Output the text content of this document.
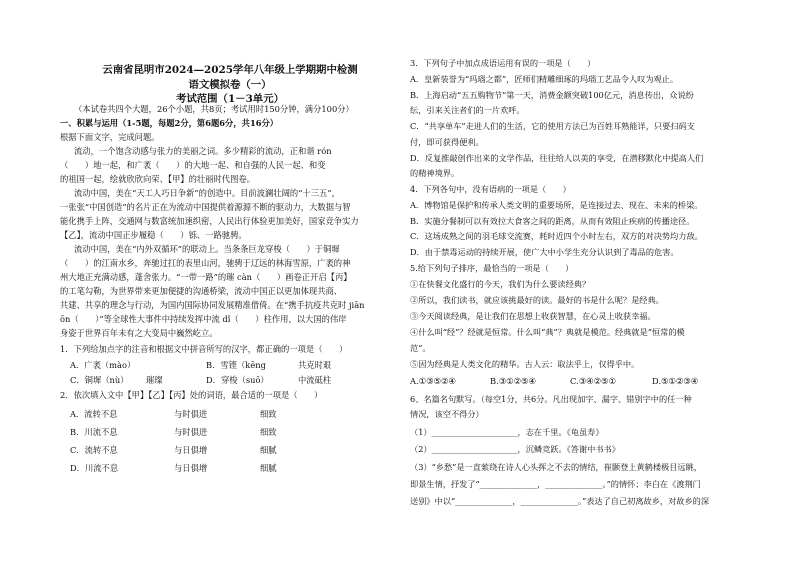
云南省昆明市2024—2025学年八年级上学期期中检测
语文模拟卷（一）
考试范围（1－3单元）
（本试卷共四个大题，26个小题，共8页；考试用时150分钟，满分100分）
一、积累与运用（1-5题，每题2分，第6题6分，共16分）
根据下面文字，完成问题。
流动，一个饱含动感与张力的美丽之词。多少精彩的流动，正和谐 rón
（　　）地一起，和广袤（　　）的大地一起、和自强的人民一起、和变
的祖国一起，绘就欣欣向荣、【甲】的壮丽时代图卷。
流动中国，美在“天工人巧日争新”的创造中。目前波澜壮阔的“十三五”，
一张张“中国创造”的名片正在为流动中国提供着源源不断的驱动力，大数据与智
能化携手上阵，交通网与数富统加速织密，人民出行体验更加美好，国家竞争实力
【乙】，流动中国正步履稳（　　）铄、一路驰骋。
流动中国，美在“内外双循环”的联动上。当条条巨龙穿梭（　　）于铜墀
（　　）的江南水乡，奔驰过扛的表里山河，驰骋于辽远的林海雪原，广袤的神
州大地正充满动感，蓬舍张力。“一带一路”的璀 càn（　　）画卷正开启【丙】
的工笔勾勒，为世界带来更加便捷的沟通桥梁，流动中国正以更加体现共商、
共建、共享的理念与行动，为国内国际协同发展精准借倚。在“携手抗疫共克时 jiān
ōn（　　）”等全球性大事件中持续发挥中流 dǐ（　　）柱作用，以大国的伟岸
身姿于世界百年未有之大变局中巍然屹立。
1．下列给加点字的注音和根据文中拼音所写的汉字，都正确的一项是（　　）
A．广袤（mào）	B．雪铿（kēng	共克时艰
C．铜墀（nù） 璀璨	D．穿梭（suō）	中流砥柱
2．依次填入文中【甲】【乙】【丙】处的词语，最合适的一项是（　　）
A．流转不息	与时俱进	细致
B．川流不息	与时俱进	细致
C．流转不息	与日俱增	细腻
D．川流不息	与日俱增	细腻
3．下列句子中加点成语运用有误的一项是（　　）
A．皇新装誉为“玛瑙之都”，匠师们精雕细琢的玛瑙工艺品令人叹为观止。
B．上海启动“五五购物节”第一天，消费金额突破100亿元，消息传出，众说纷
纭，引来关注者们的一片欢呼。
C．“共享单车”走进人们的生活，它的使用方法已为百姓耳熟能详，只要扫码支
付，即可获得便利。
D．反复推敲创作出来的文学作品，往往给人以美的享受，在潜移默化中提高人们
的精神境界。
4．下列各句中，没有语病的一项是（　　）
A．博物馆是保护和传承人类文明的重要场所，是连接过去、现在、未来的桥梁。
B．实施分餐制可以有效拉大食客之间的距离，从而有效阻止疾病的传播途径。
C．这场成熟之间的羽毛球交流赛，耗时近四个小时左右，双方的对决势均力敌。
D．由于禁毒运动的持续开展，使广大中小学生充分认识到了毒品的危害。
5.给下列句子排序，最恰当的一项是（　　）
①在快餐文化盛行的今天，我们为什么要读经典？
②所以，我们读书，就应该挑最好的读。最好的书是什么呢？是经典。
③今天阅读经典，是让我们在思想上收获智慧，在心灵上收获幸福。
④什么叫“经”？经就是恒常。什么叫“典”？典就是模范。经典就是“恒常的模
范”。
⑤因为经典是人类文化的精华。古人云：取法乎上，仅得乎中。
A.①③⑤②④	B.③①②⑤④	C.③④②⑤①	D.⑤①②③④
6、名篇名句默写。（每空1分，共6分。凡出现加字、漏字、错别字中的任一种
情况，该空不得分）
（1）_____________________，志在千里。《龟虽寿》
（2）_____________________，沉鳞竞跃。《答谢中书书》
（3）“乡愁”是一直萦绕在诗人心头挥之不去的情结，崔颢登上黄鹤楼极目远眺，
即景生情，抒发了“______________，______________。”的情怀；李白在《渡荆门
送别》中以“______________，______________。”表达了自己初离故乡，对故乡的深
